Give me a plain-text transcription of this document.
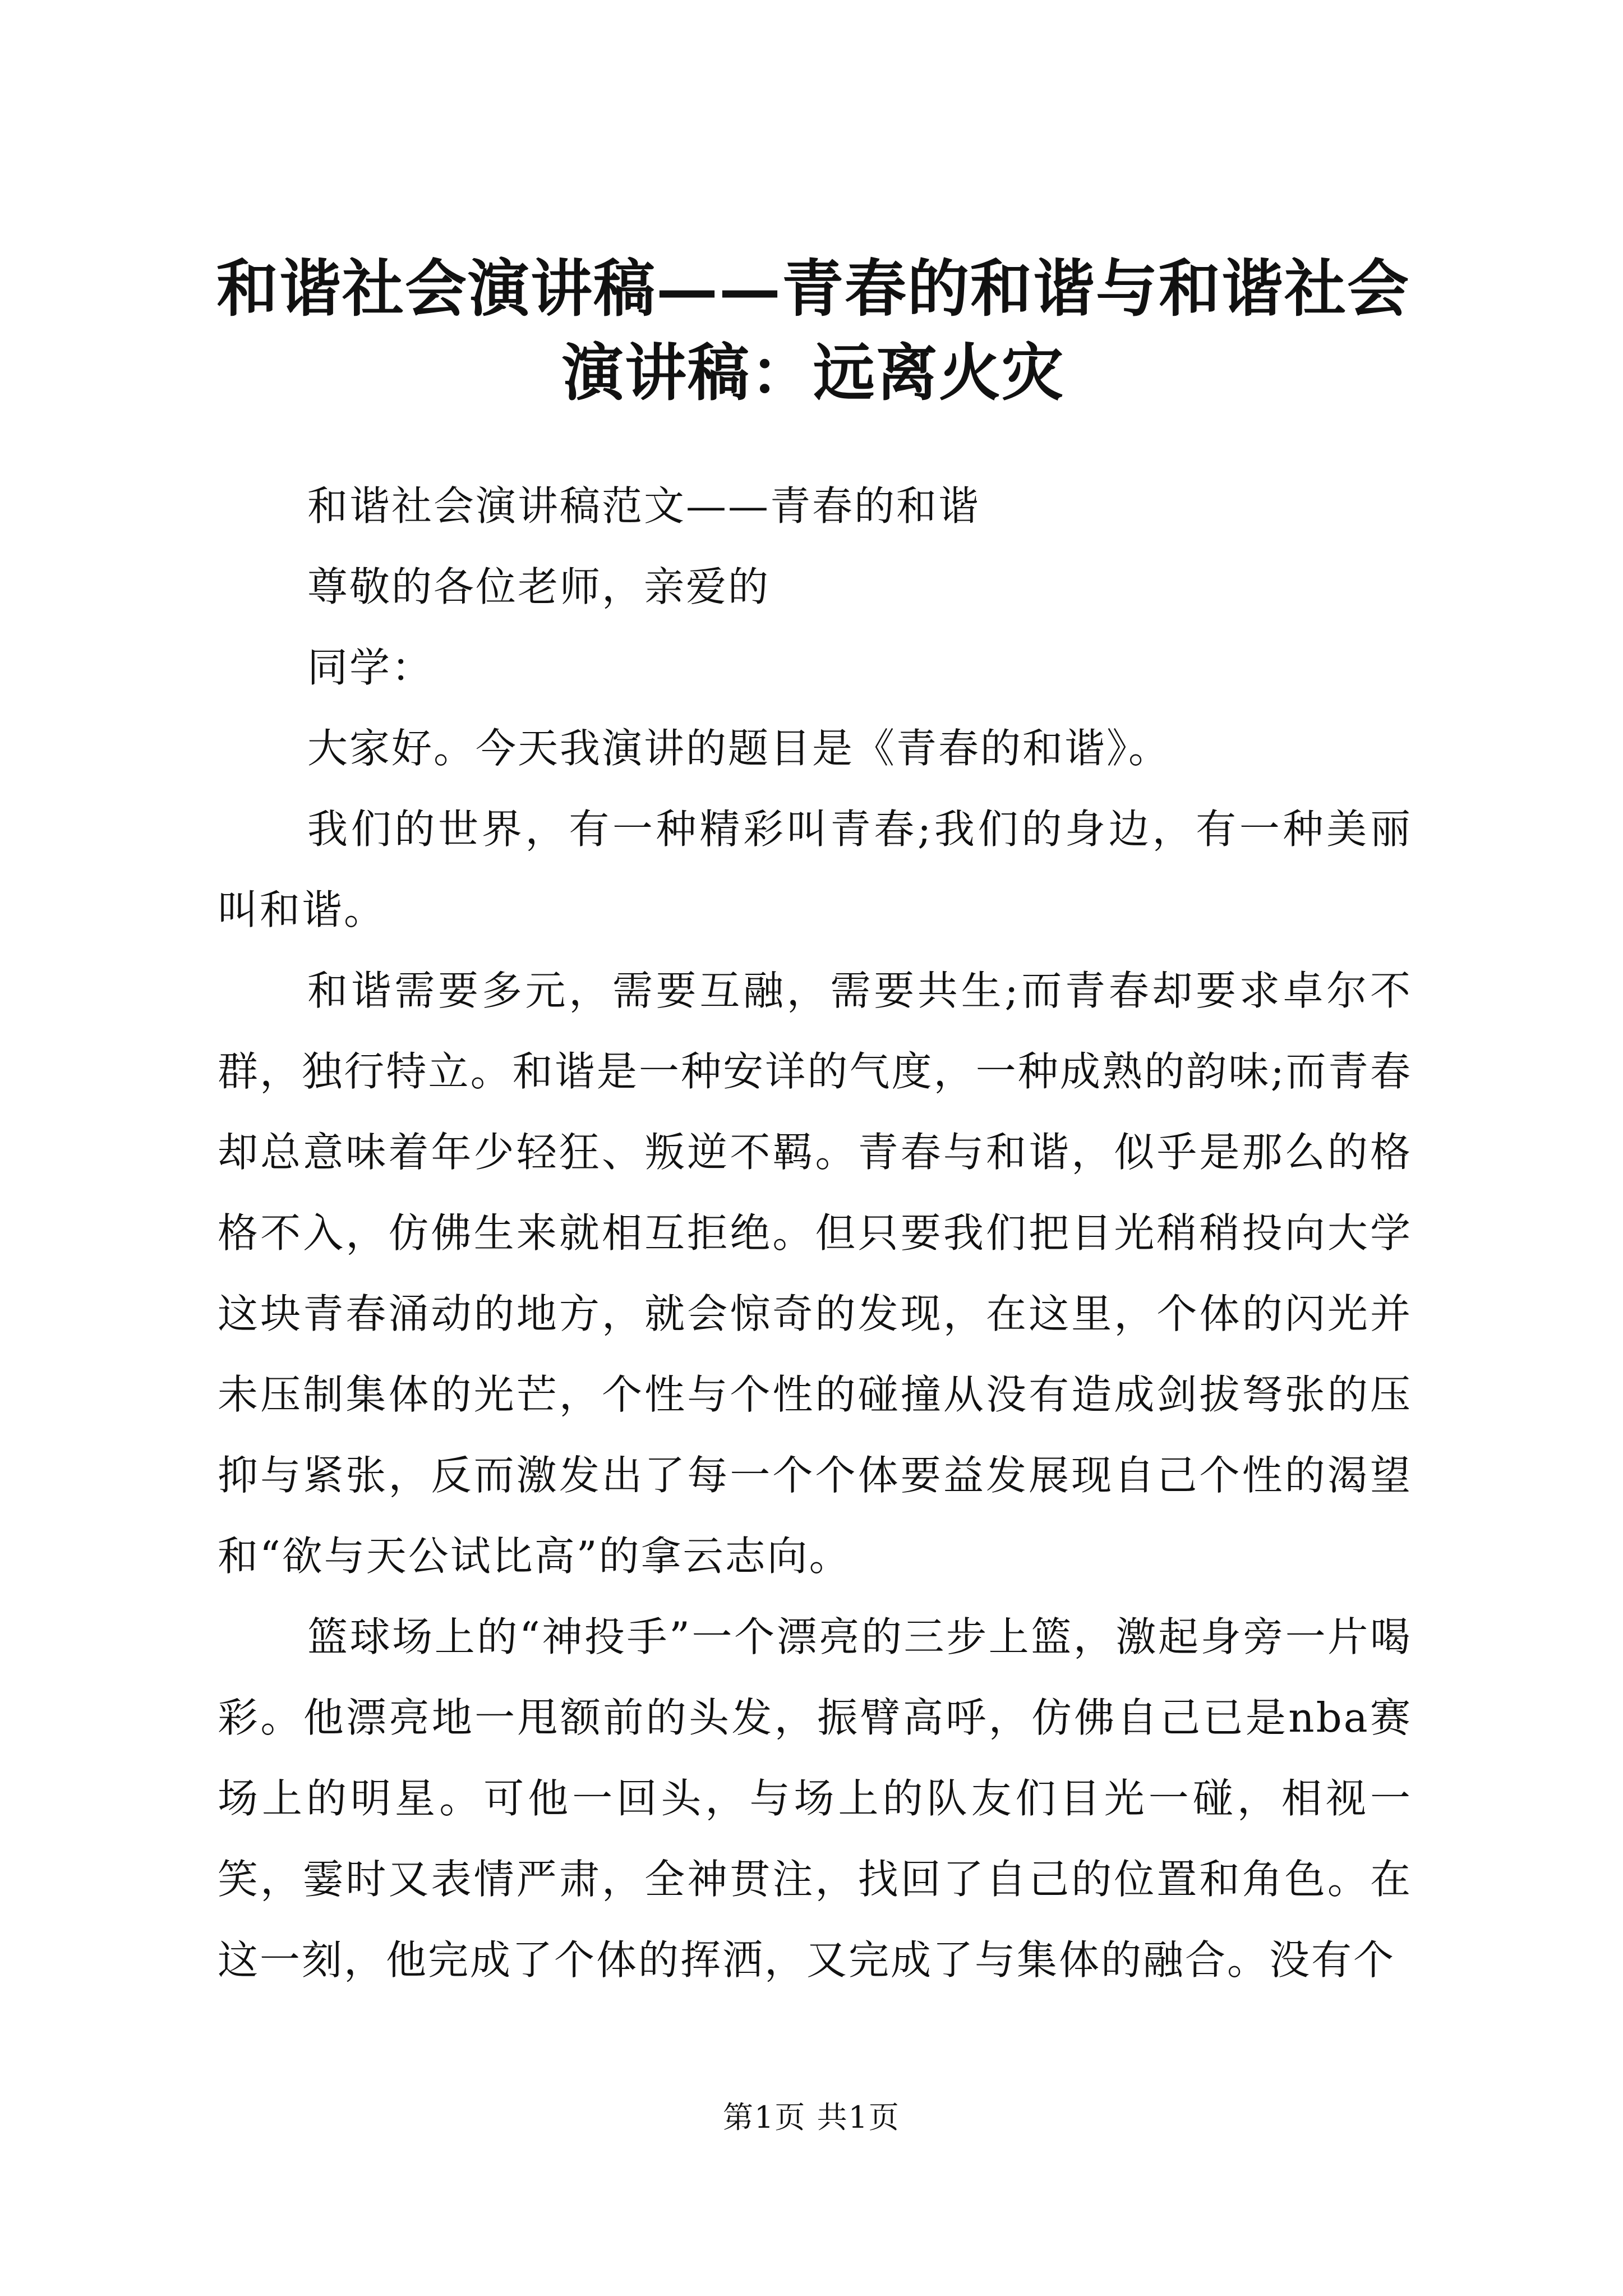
和谐社会演讲稿——青春的和谐与和谐社会演讲稿：远离火灾

和谐社会演讲稿范文——青春的和谐

尊敬的各位老师，亲爱的

同学：

大家好。今天我演讲的题目是《青春的和谐》。

我们的世界，有一种精彩叫青春;我们的身边，有一种美丽叫和谐。

和谐需要多元，需要互融，需要共生;而青春却要求卓尔不群，独行特立。和谐是一种安详的气度，一种成熟的韵味;而青春却总意味着年少轻狂、叛逆不羁。青春与和谐，似乎是那么的格格不入，仿佛生来就相互拒绝。但只要我们把目光稍稍投向大学这块青春涌动的地方，就会惊奇的发现，在这里，个体的闪光并未压制集体的光芒，个性与个性的碰撞从没有造成剑拔弩张的压抑与紧张，反而激发出了每一个个体要益发展现自己个性的渴望和“欲与天公试比高”的拿云志向。

篮球场上的“神投手”一个漂亮的三步上篮，激起身旁一片喝彩。他漂亮地一甩额前的头发，振臂高呼，仿佛自己已是nba赛场上的明星。可他一回头，与场上的队友们目光一碰，相视一笑，霎时又表情严肃，全神贯注，找回了自己的位置和角色。在这一刻，他完成了个体的挥洒，又完成了与集体的融合。没有个

第1页 共1页
